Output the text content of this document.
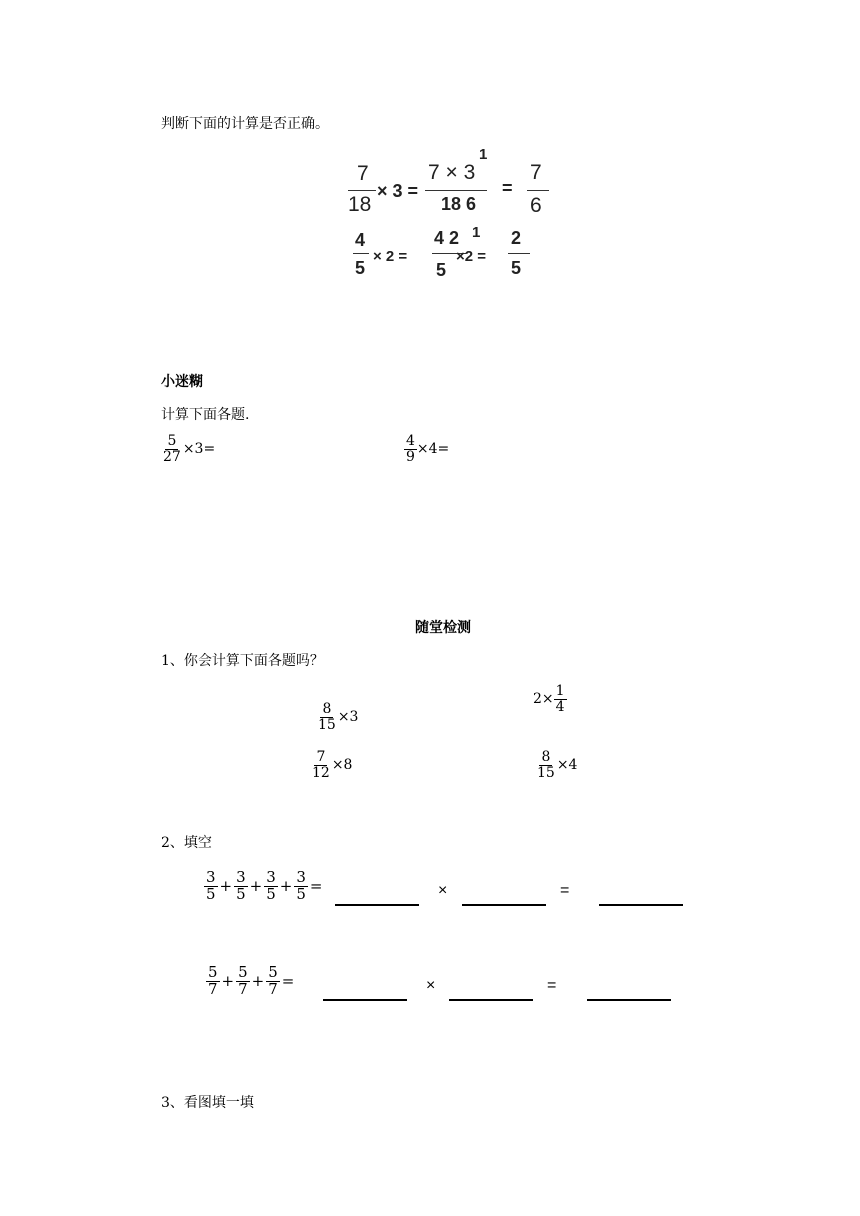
判断下面的计算是否正确。
7
18
× 3 =
1
7 × 3
18 6
=
7
6
4
5
× 2 =
1
4 2
5
×2 =
2
5
小迷糊
计算下面各题.
$\frac{5}{27} \times 3=$	$\frac{4}{9} \times 4=$
随堂检测
1、你会计算下面各题吗？
$\frac{8}{15} \times 3$
$2\times \frac{1}{4}$
$\frac{7}{12} \times 8$	$\frac{8}{15} \times 4$
2、填空
$\frac{3}{5} + \frac{3}{5} + \frac{3}{5} + \frac{3}{5}$ =	×	=
$\frac{5}{7} + \frac{5}{7} + \frac{5}{7}$ =	×	=
3、看图填一填
